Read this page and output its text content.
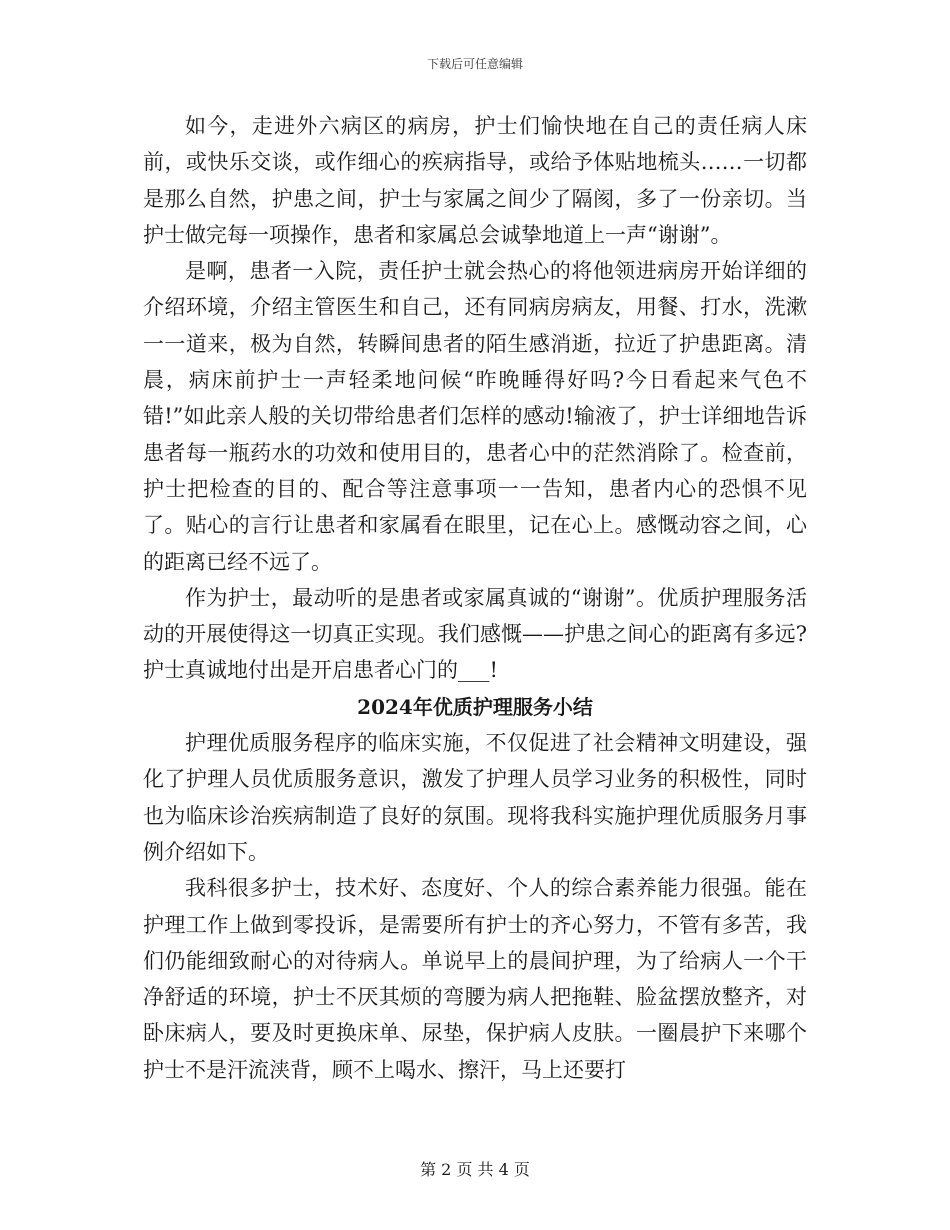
下载后可任意编辑

如今，走进外六病区的病房，护士们愉快地在自己的责任病人床前，或快乐交谈，或作细心的疾病指导，或给予体贴地梳头……一切都是那么自然，护患之间，护士与家属之间少了隔阂，多了一份亲切。当护士做完每一项操作，患者和家属总会诚挚地道上一声“谢谢”。

是啊，患者一入院，责任护士就会热心的将他领进病房开始详细的介绍环境，介绍主管医生和自己，还有同病房病友，用餐、打水，洗漱一一道来，极为自然，转瞬间患者的陌生感消逝，拉近了护患距离。清晨，病床前护士一声轻柔地问候“昨晚睡得好吗?今日看起来气色不错!”如此亲人般的关切带给患者们怎样的感动!输液了，护士详细地告诉患者每一瓶药水的功效和使用目的，患者心中的茫然消除了。检查前，护士把检查的目的、配合等注意事项一一告知，患者内心的恐惧不见了。贴心的言行让患者和家属看在眼里，记在心上。感慨动容之间，心的距离已经不远了。

作为护士，最动听的是患者或家属真诚的“谢谢”。优质护理服务活动的开展使得这一切真正实现。我们感慨——护患之间心的距离有多远?护士真诚地付出是开启患者心门的___!

2024年优质护理服务小结

护理优质服务程序的临床实施，不仅促进了社会精神文明建设，强化了护理人员优质服务意识，激发了护理人员学习业务的积极性，同时也为临床诊治疾病制造了良好的氛围。现将我科实施护理优质服务月事例介绍如下。

我科很多护士，技术好、态度好、个人的综合素养能力很强。能在护理工作上做到零投诉，是需要所有护士的齐心努力，不管有多苦，我们仍能细致耐心的对待病人。单说早上的晨间护理，为了给病人一个干净舒适的环境，护士不厌其烦的弯腰为病人把拖鞋、脸盆摆放整齐，对卧床病人，要及时更换床单、尿垫，保护病人皮肤。一圈晨护下来哪个护士不是汗流浃背，顾不上喝水、擦汗，马上还要打

第 2 页 共 4 页
